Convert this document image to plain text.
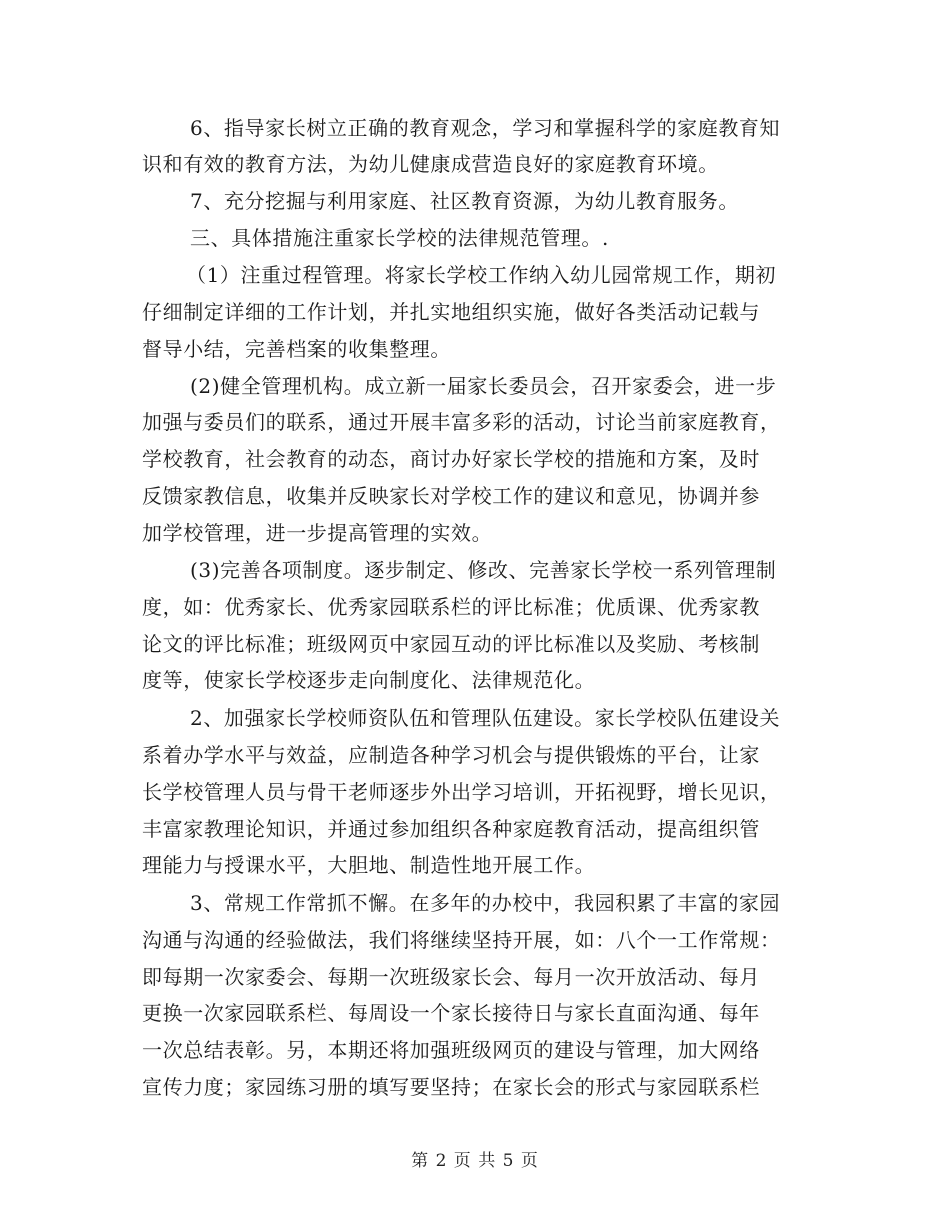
6、指导家长树立正确的教育观念，学习和掌握科学的家庭教育知
识和有效的教育方法，为幼儿健康成营造良好的家庭教育环境。
7、充分挖掘与利用家庭、社区教育资源，为幼儿教育服务。
三、具体措施注重家长学校的法律规范管理。.
（1）注重过程管理。将家长学校工作纳入幼儿园常规工作，期初
仔细制定详细的工作计划，并扎实地组织实施，做好各类活动记载与
督导小结，完善档案的收集整理。
(2)健全管理机构。成立新一届家长委员会，召开家委会，进一步
加强与委员们的联系，通过开展丰富多彩的活动，讨论当前家庭教育，
学校教育，社会教育的动态，商讨办好家长学校的措施和方案，及时
反馈家教信息，收集并反映家长对学校工作的建议和意见，协调并参
加学校管理，进一步提高管理的实效。
(3)完善各项制度。逐步制定、修改、完善家长学校一系列管理制
度，如：优秀家长、优秀家园联系栏的评比标准；优质课、优秀家教
论文的评比标准；班级网页中家园互动的评比标准以及奖励、考核制
度等，使家长学校逐步走向制度化、法律规范化。
2、加强家长学校师资队伍和管理队伍建设。家长学校队伍建设关
系着办学水平与效益，应制造各种学习机会与提供锻炼的平台，让家
长学校管理人员与骨干老师逐步外出学习培训，开拓视野，增长见识，
丰富家教理论知识，并通过参加组织各种家庭教育活动，提高组织管
理能力与授课水平，大胆地、制造性地开展工作。
3、常规工作常抓不懈。在多年的办校中，我园积累了丰富的家园
沟通与沟通的经验做法，我们将继续坚持开展，如：八个一工作常规：
即每期一次家委会、每期一次班级家长会、每月一次开放活动、每月
更换一次家园联系栏、每周设一个家长接待日与家长直面沟通、每年
一次总结表彰。另，本期还将加强班级网页的建设与管理，加大网络
宣传力度；家园练习册的填写要坚持；在家长会的形式与家园联系栏
第 2 页 共 5 页
